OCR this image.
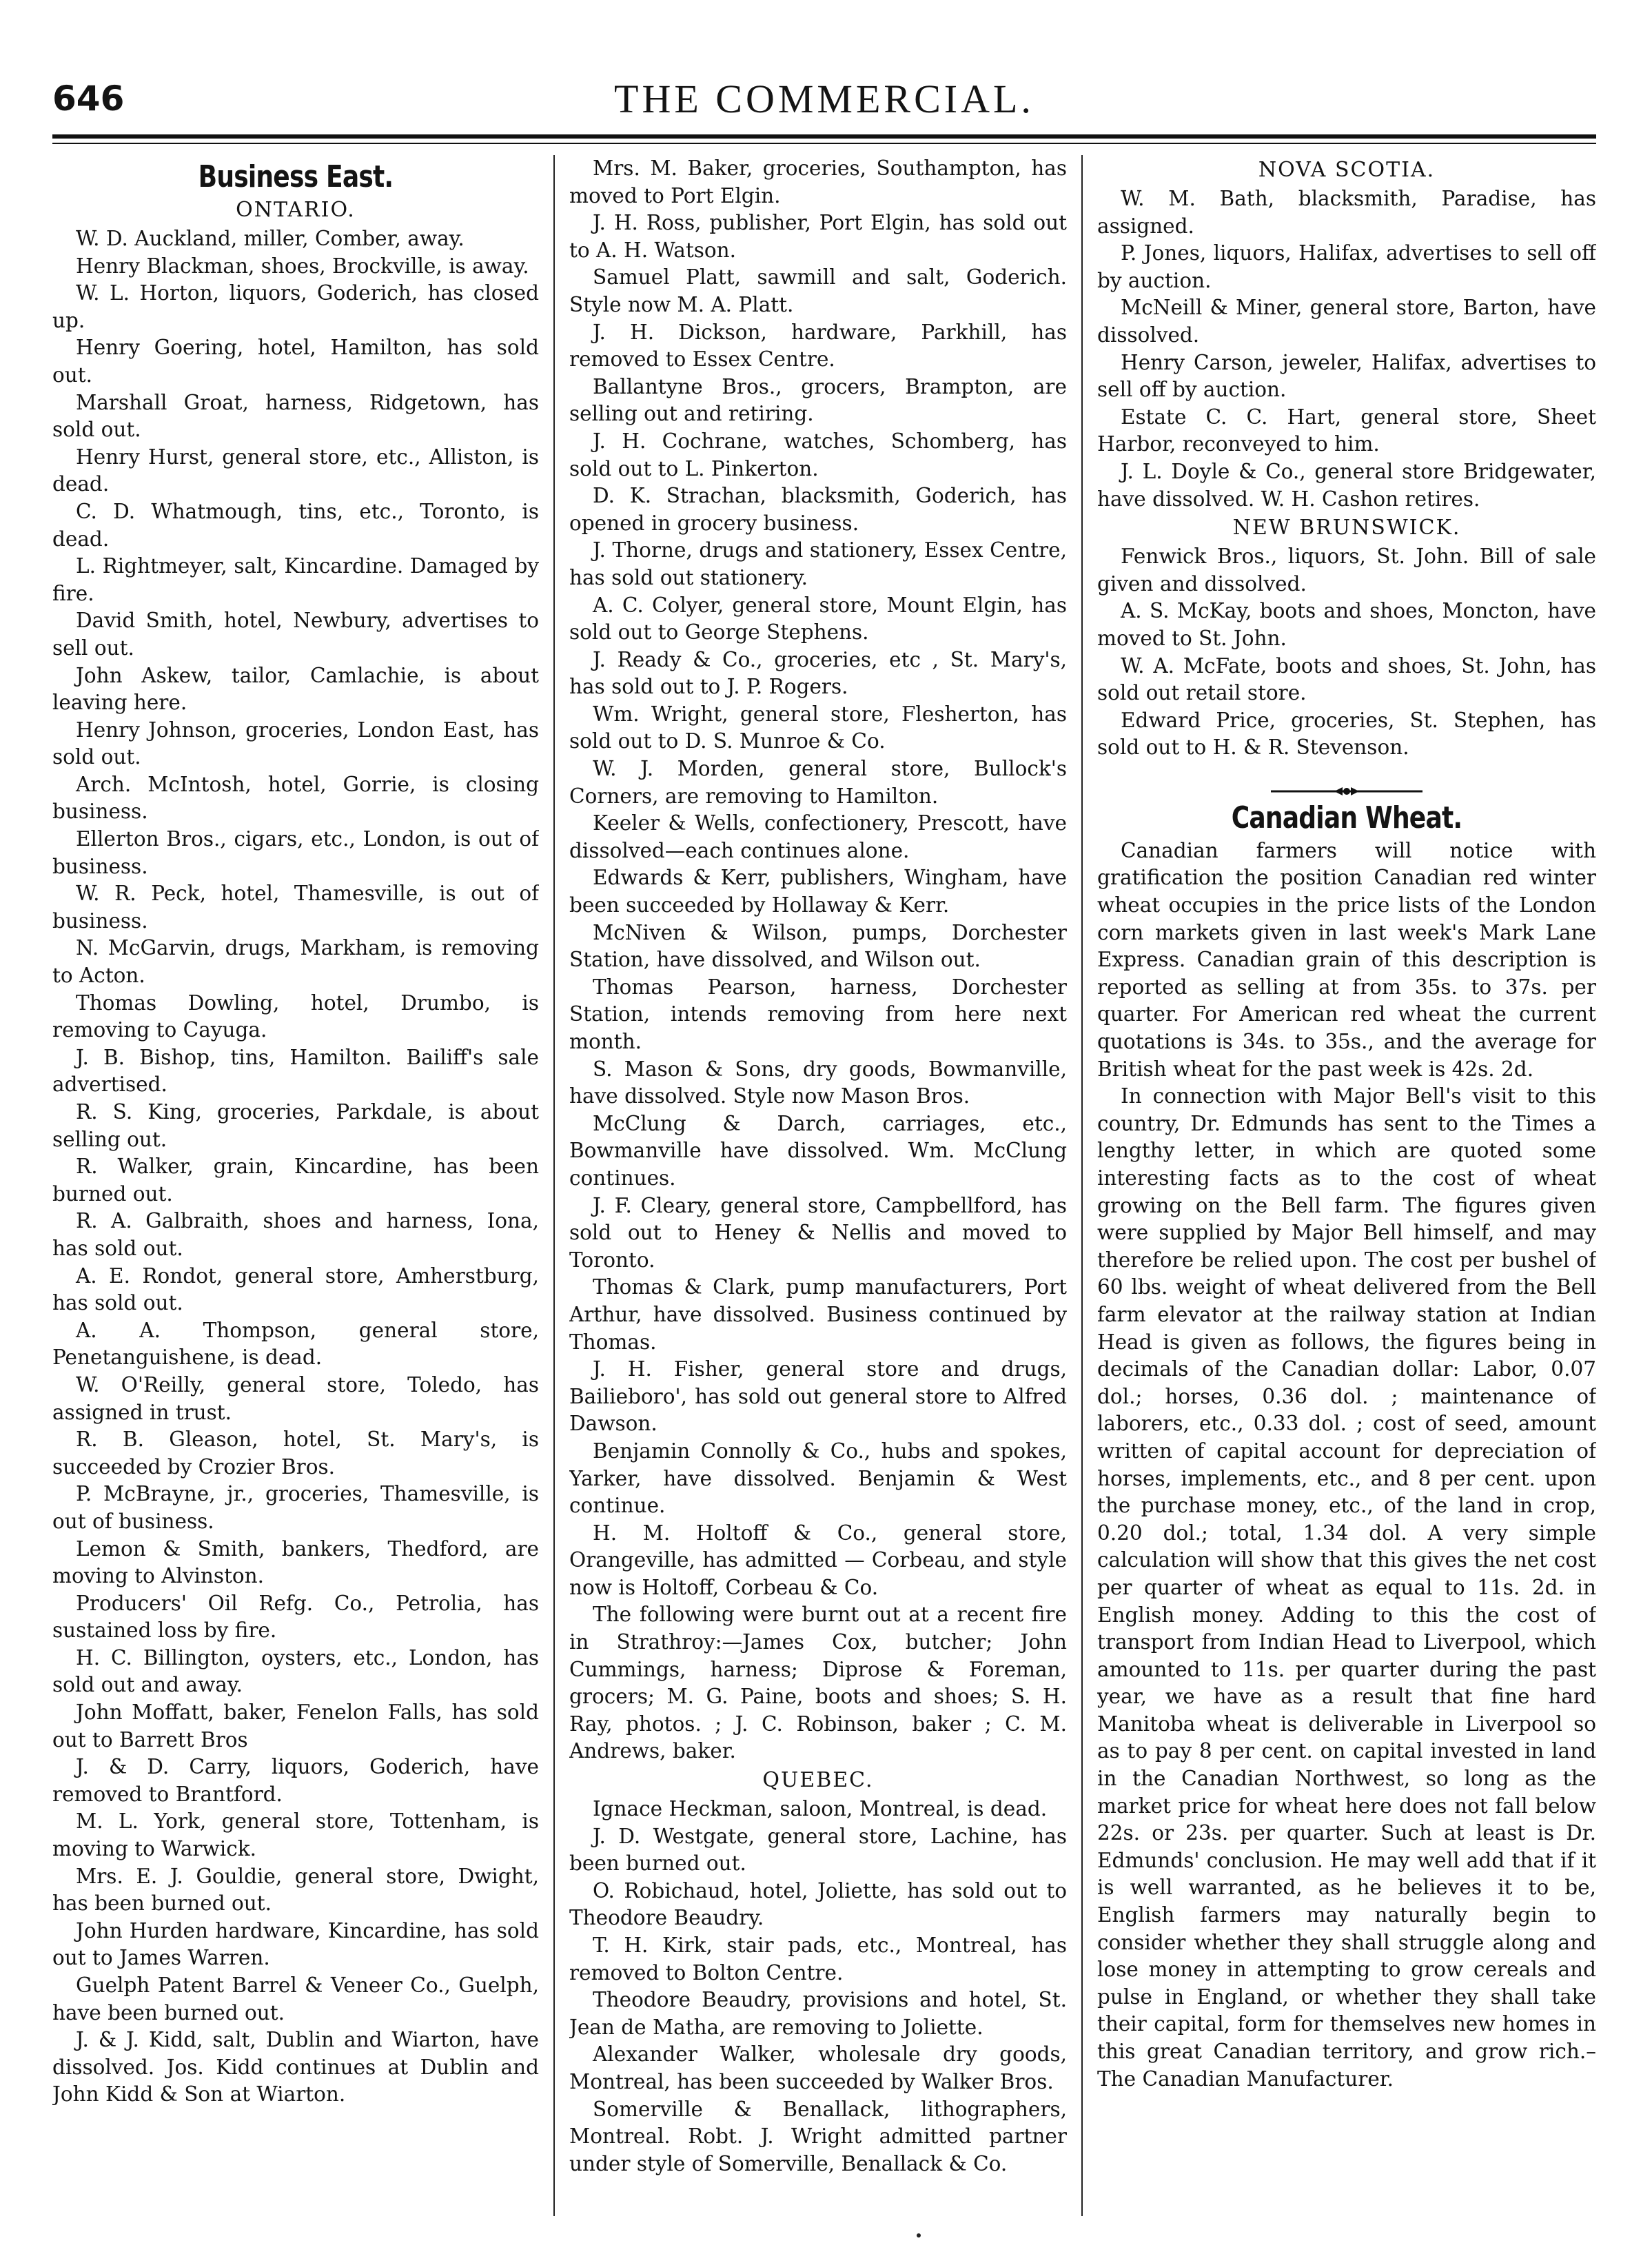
646	THE COMMERCIAL.
Business East.
ONTARIO.

W. D. Auckland, miller, Comber, away.

Henry Blackman, shoes, Brockville, is away.

W. L. Horton, liquors, Goderich, has closed up.

Henry Goering, hotel, Hamilton, has sold out.

Marshall Groat, harness, Ridgetown, has sold out.

Henry Hurst, general store, etc., Alliston, is dead.

C. D. Whatmough, tins, etc., Toronto, is dead.

L. Rightmeyer, salt, Kincardine. Damaged by fire.

David Smith, hotel, Newbury, advertises to sell out.

John Askew, tailor, Camlachie, is about leaving here.

Henry Johnson, groceries, London East, has sold out.

Arch. McIntosh, hotel, Gorrie, is closing business.

Ellerton Bros., cigars, etc., London, is out of business.

W. R. Peck, hotel, Thamesville, is out of business.

N. McGarvin, drugs, Markham, is removing to Acton.

Thomas Dowling, hotel, Drumbo, is removing to Cayuga.

J. B. Bishop, tins, Hamilton. Bailiff's sale advertised.

R. S. King, groceries, Parkdale, is about selling out.

R. Walker, grain, Kincardine, has been burned out.

R. A. Galbraith, shoes and harness, Iona, has sold out.

A. E. Rondot, general store, Amherstburg, has sold out.

A. A. Thompson, general store, Penetanguishene, is dead.

W. O'Reilly, general store, Toledo, has assigned in trust.

R. B. Gleason, hotel, St. Mary's, is succeeded by Crozier Bros.

P. McBrayne, jr., groceries, Thamesville, is out of business.

Lemon & Smith, bankers, Thedford, are moving to Alvinston.

Producers' Oil Refg. Co., Petrolia, has sustained loss by fire.

H. C. Billington, oysters, etc., London, has sold out and away.

John Moffatt, baker, Fenelon Falls, has sold out to Barrett Bros

J. & D. Carry, liquors, Goderich, have removed to Brantford.

M. L. York, general store, Tottenham, is moving to Warwick.

Mrs. E. J. Gouldie, general store, Dwight, has been burned out.

John Hurden hardware, Kincardine, has sold out to James Warren.

Guelph Patent Barrel & Veneer Co., Guelph, have been burned out.

J. & J. Kidd, salt, Dublin and Wiarton, have dissolved. Jos. Kidd continues at Dublin and John Kidd & Son at Wiarton.

Mrs. M. Baker, groceries, Southampton, has moved to Port Elgin.

J. H. Ross, publisher, Port Elgin, has sold out to A. H. Watson.

Samuel Platt, sawmill and salt, Goderich. Style now M. A. Platt.

J. H. Dickson, hardware, Parkhill, has removed to Essex Centre.

Ballantyne Bros., grocers, Brampton, are selling out and retiring.

J. H. Cochrane, watches, Schomberg, has sold out to L. Pinkerton.

D. K. Strachan, blacksmith, Goderich, has opened in grocery business.

J. Thorne, drugs and stationery, Essex Centre, has sold out stationery.

A. C. Colyer, general store, Mount Elgin, has sold out to George Stephens.

J. Ready & Co., groceries, etc , St. Mary's, has sold out to J. P. Rogers.

Wm. Wright, general store, Flesherton, has sold out to D. S. Munroe & Co.

W. J. Morden, general store, Bullock's Corners, are removing to Hamilton.

Keeler & Wells, confectionery, Prescott, have dissolved—each continues alone.

Edwards & Kerr, publishers, Wingham, have been succeeded by Hollaway & Kerr.

McNiven & Wilson, pumps, Dorchester Station, have dissolved, and Wilson out.

Thomas Pearson, harness, Dorchester Station, intends removing from here next month.

S. Mason & Sons, dry goods, Bowmanville, have dissolved. Style now Mason Bros.

McClung & Darch, carriages, etc., Bowmanville have dissolved. Wm. McClung continues.

J. F. Cleary, general store, Campbellford, has sold out to Heney & Nellis and moved to Toronto.

Thomas & Clark, pump manufacturers, Port Arthur, have dissolved. Business continued by Thomas.

J. H. Fisher, general store and drugs, Bailieboro', has sold out general store to Alfred Dawson.

Benjamin Connolly & Co., hubs and spokes, Yarker, have dissolved. Benjamin & West continue.

H. M. Holtoff & Co., general store, Orangeville, has admitted — Corbeau, and style now is Holtoff, Corbeau & Co.

The following were burnt out at a recent fire in Strathroy:—James Cox, butcher; John Cummings, harness; Diprose & Foreman, grocers; M. G. Paine, boots and shoes; S. H. Ray, photos. ; J. C. Robinson, baker ; C. M. Andrews, baker.

QUEBEC.

Ignace Heckman, saloon, Montreal, is dead.

J. D. Westgate, general store, Lachine, has been burned out.

O. Robichaud, hotel, Joliette, has sold out to Theodore Beaudry.

T. H. Kirk, stair pads, etc., Montreal, has removed to Bolton Centre.

Theodore Beaudry, provisions and hotel, St. Jean de Matha, are removing to Joliette.

Alexander Walker, wholesale dry goods, Montreal, has been succeeded by Walker Bros.

Somerville & Benallack, lithographers, Montreal. Robt. J. Wright admitted partner under style of Somerville, Benallack & Co.

NOVA SCOTIA.

W. M. Bath, blacksmith, Paradise, has assigned.

P. Jones, liquors, Halifax, advertises to sell off by auction.

McNeill & Miner, general store, Barton, have dissolved.

Henry Carson, jeweler, Halifax, advertises to sell off by auction.

Estate C. C. Hart, general store, Sheet Harbor, reconveyed to him.

J. L. Doyle & Co., general store Bridgewater, have dissolved. W. H. Cashon retires.

NEW BRUNSWICK.

Fenwick Bros., liquors, St. John. Bill of sale given and dissolved.

A. S. McKay, boots and shoes, Moncton, have moved to St. John.

W. A. McFate, boots and shoes, St. John, has sold out retail store.

Edward Price, groceries, St. Stephen, has sold out to H. & R. Stevenson.

Canadian Wheat.

Canadian farmers will notice with gratification the position Canadian red winter wheat occupies in the price lists of the London corn markets given in last week's Mark Lane Express. Canadian grain of this description is reported as selling at from 35s. to 37s. per quarter. For American red wheat the current quotations is 34s. to 35s., and the average for British wheat for the past week is 42s. 2d.

In connection with Major Bell's visit to this country, Dr. Edmunds has sent to the Times a lengthy letter, in which are quoted some interesting facts as to the cost of wheat growing on the Bell farm. The figures given were supplied by Major Bell himself, and may therefore be relied upon. The cost per bushel of 60 lbs. weight of wheat delivered from the Bell farm elevator at the railway station at Indian Head is given as follows, the figures being in decimals of the Canadian dollar: Labor, 0.07 dol.; horses, 0.36 dol. ; maintenance of laborers, etc., 0.33 dol. ; cost of seed, amount written of capital account for depreciation of horses, implements, etc., and 8 per cent. upon the purchase money, etc., of the land in crop, 0.20 dol.; total, 1.34 dol. A very simple calculation will show that this gives the net cost per quarter of wheat as equal to 11s. 2d. in English money. Adding to this the cost of transport from Indian Head to Liverpool, which amounted to 11s. per quarter during the past year, we have as a result that fine hard Manitoba wheat is deliverable in Liverpool so as to pay 8 per cent. on capital invested in land in the Canadian Northwest, so long as the market price for wheat here does not fall below 22s. or 23s. per quarter. Such at least is Dr. Edmunds' conclusion. He may well add that if it is well warranted, as he believes it to be, English farmers may naturally begin to consider whether they shall struggle along and lose money in attempting to grow cereals and pulse in England, or whether they shall take their capital, form for themselves new homes in this great Canadian territory, and grow rich.– The Canadian Manufacturer.
